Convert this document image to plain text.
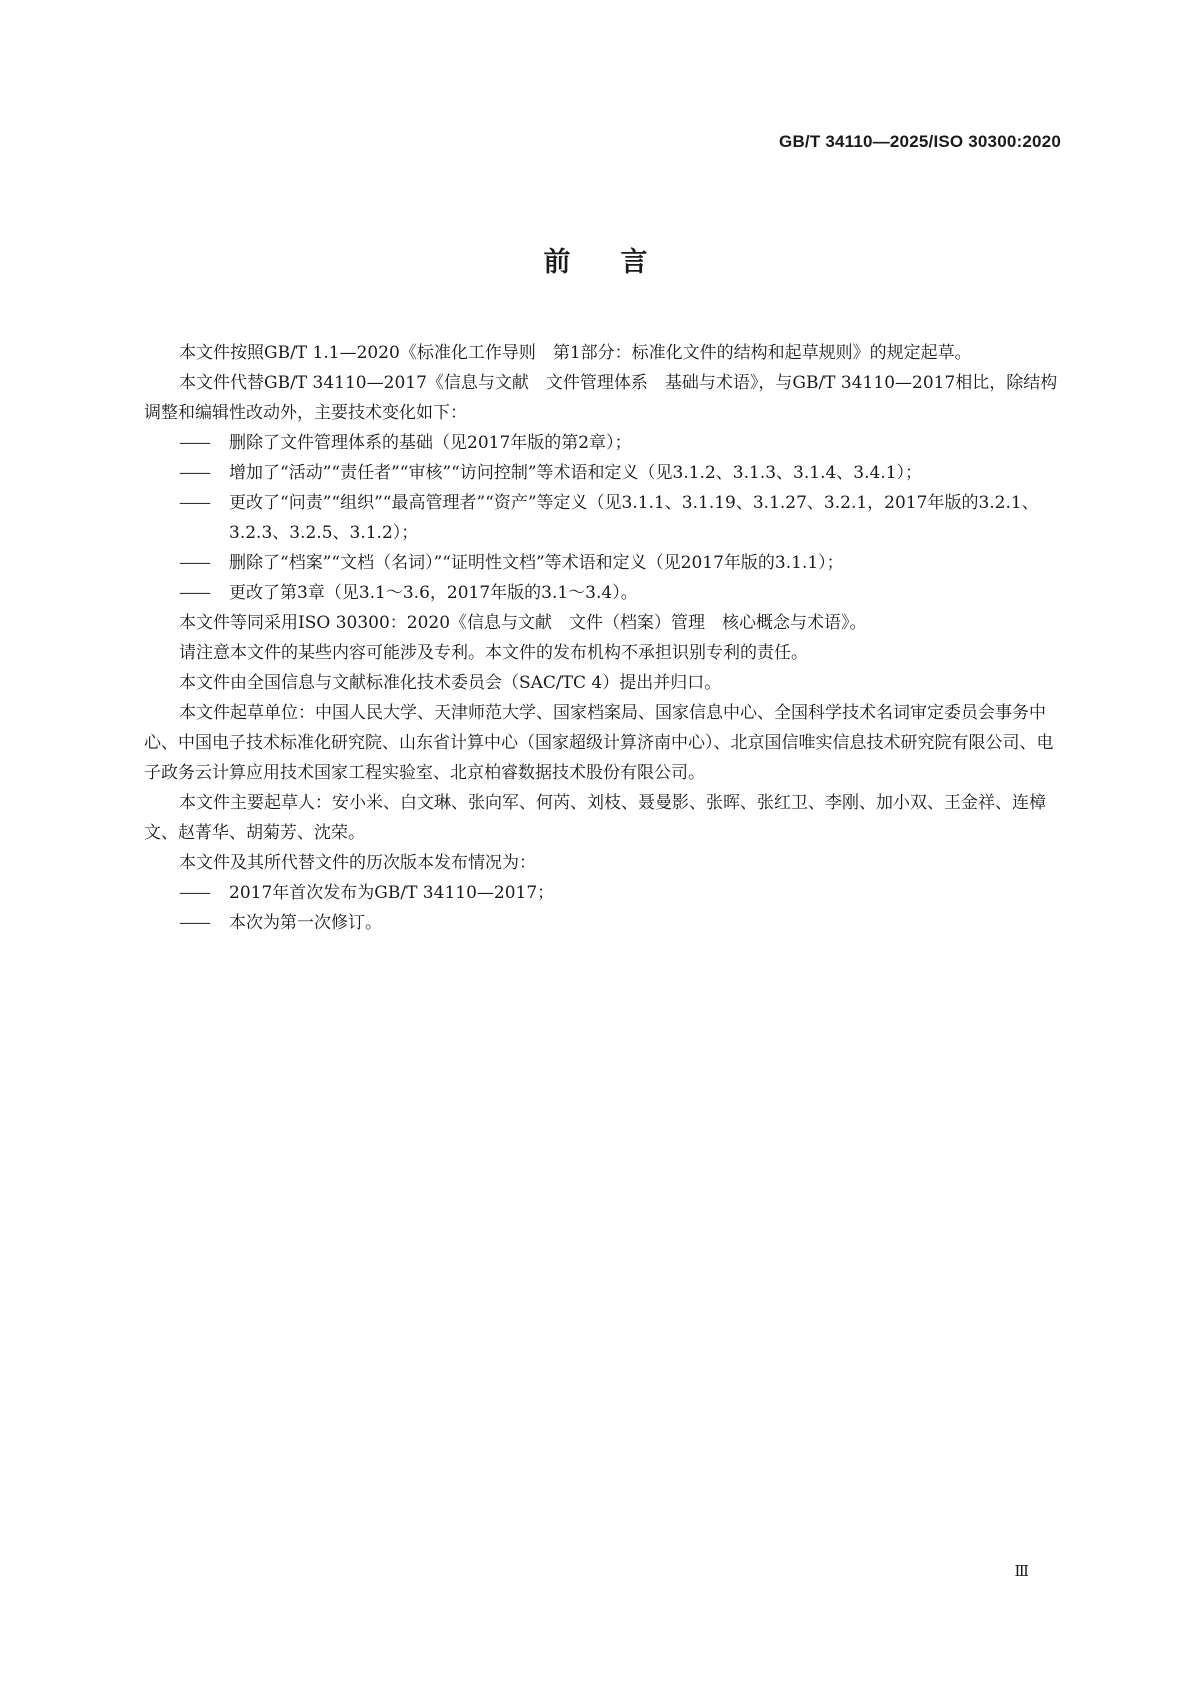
GB/T 34110—2025/ISO 30300:2020
前言

本文件按照GB/T 1.1—2020《标准化工作导则　第1部分：标准化文件的结构和起草规则》的规定起草。

本文件代替GB/T 34110—2017《信息与文献　文件管理体系　基础与术语》，与GB/T 34110—2017相比，除结构调整和编辑性改动外，主要技术变化如下：

—— 删除了文件管理体系的基础（见2017年版的第2章）；

—— 增加了“活动”“责任者”“审核”“访问控制”等术语和定义（见3.1.2、3.1.3、3.1.4、3.4.1）；

—— 更改了“问责”“组织”“最高管理者”“资产”等定义（见3.1.1、3.1.19、3.1.27、3.2.1，2017年版的3.2.1、3.2.3、3.2.5、3.1.2）；

—— 删除了“档案”“文档（名词）”“证明性文档”等术语和定义（见2017年版的3.1.1）；

—— 更改了第3章（见3.1～3.6，2017年版的3.1～3.4）。

本文件等同采用ISO 30300：2020《信息与文献　文件（档案）管理　核心概念与术语》。

请注意本文件的某些内容可能涉及专利。本文件的发布机构不承担识别专利的责任。

本文件由全国信息与文献标准化技术委员会（SAC/TC 4）提出并归口。

本文件起草单位：中国人民大学、天津师范大学、国家档案局、国家信息中心、全国科学技术名词审定委员会事务中心、中国电子技术标准化研究院、山东省计算中心（国家超级计算济南中心）、北京国信唯实信息技术研究院有限公司、电子政务云计算应用技术国家工程实验室、北京柏睿数据技术股份有限公司。

本文件主要起草人：安小米、白文琳、张向军、何芮、刘枝、聂曼影、张晖、张红卫、李刚、加小双、王金祥、连樟文、赵菁华、胡菊芳、沈荣。

本文件及其所代替文件的历次版本发布情况为：

—— 2017年首次发布为GB/T 34110—2017；

—— 本次为第一次修订。

Ⅲ
